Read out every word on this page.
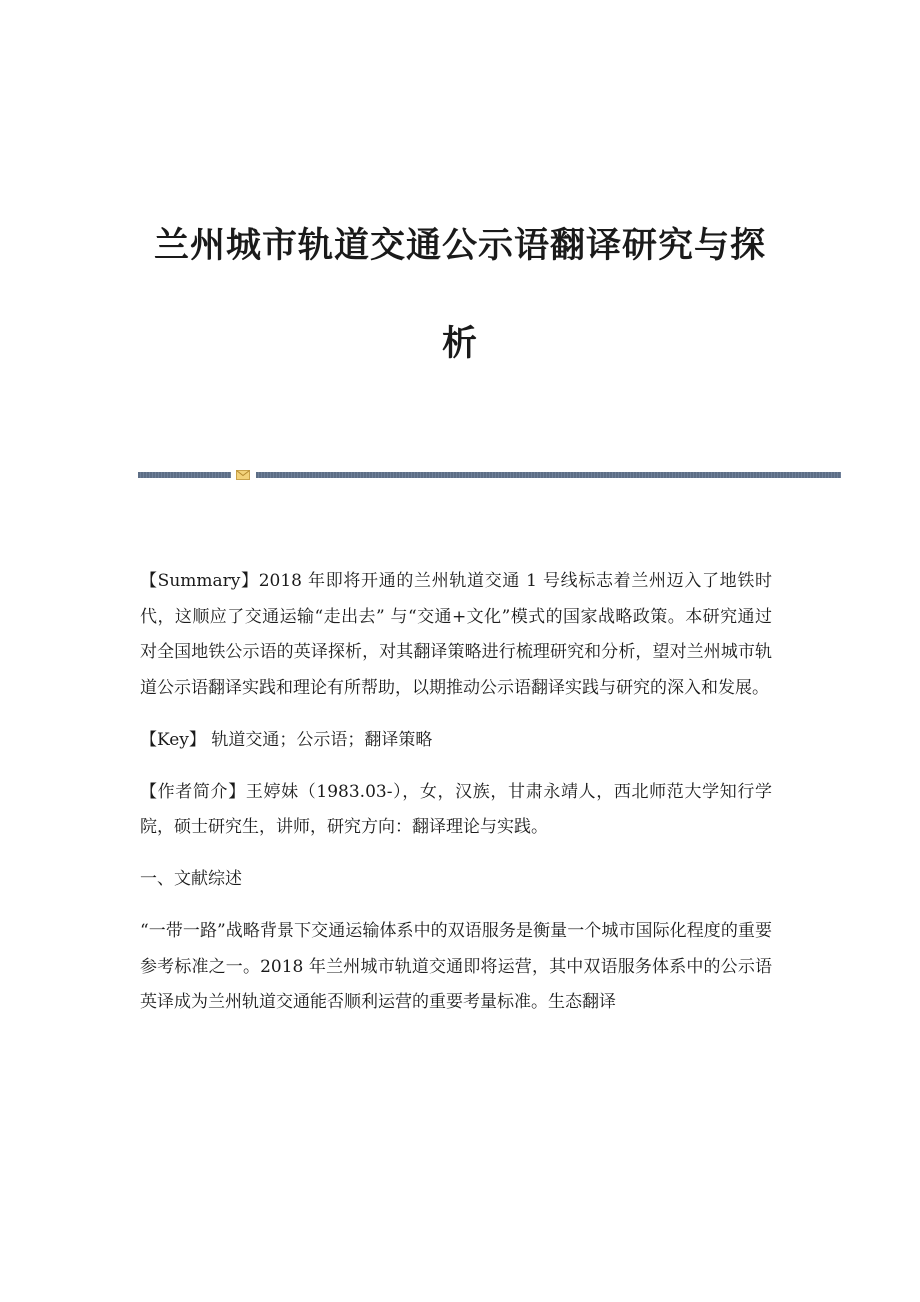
兰州城市轨道交通公示语翻译研究与探
析

【Summary】2018 年即将开通的兰州轨道交通 1 号线标志着兰州迈入了地铁时代，这顺应了交通运输“走出去” 与“交通+文化”模式的国家战略政策。本研究通过对全国地铁公示语的英译探析，对其翻译策略进行梳理研究和分析，望对兰州城市轨道公示语翻译实践和理论有所帮助，以期推动公示语翻译实践与研究的深入和发展。

【Key】 轨道交通；公示语；翻译策略

【作者简介】王婷妹（1983.03-），女，汉族，甘肃永靖人，西北师范大学知行学院，硕士研究生，讲师，研究方向：翻译理论与实践。

一、文献综述

“一带一路”战略背景下交通运输体系中的双语服务是衡量一个城市国际化程度的重要参考标准之一。2018 年兰州城市轨道交通即将运营，其中双语服务体系中的公示语英译成为兰州轨道交通能否顺利运营的重要考量标准。生态翻译
